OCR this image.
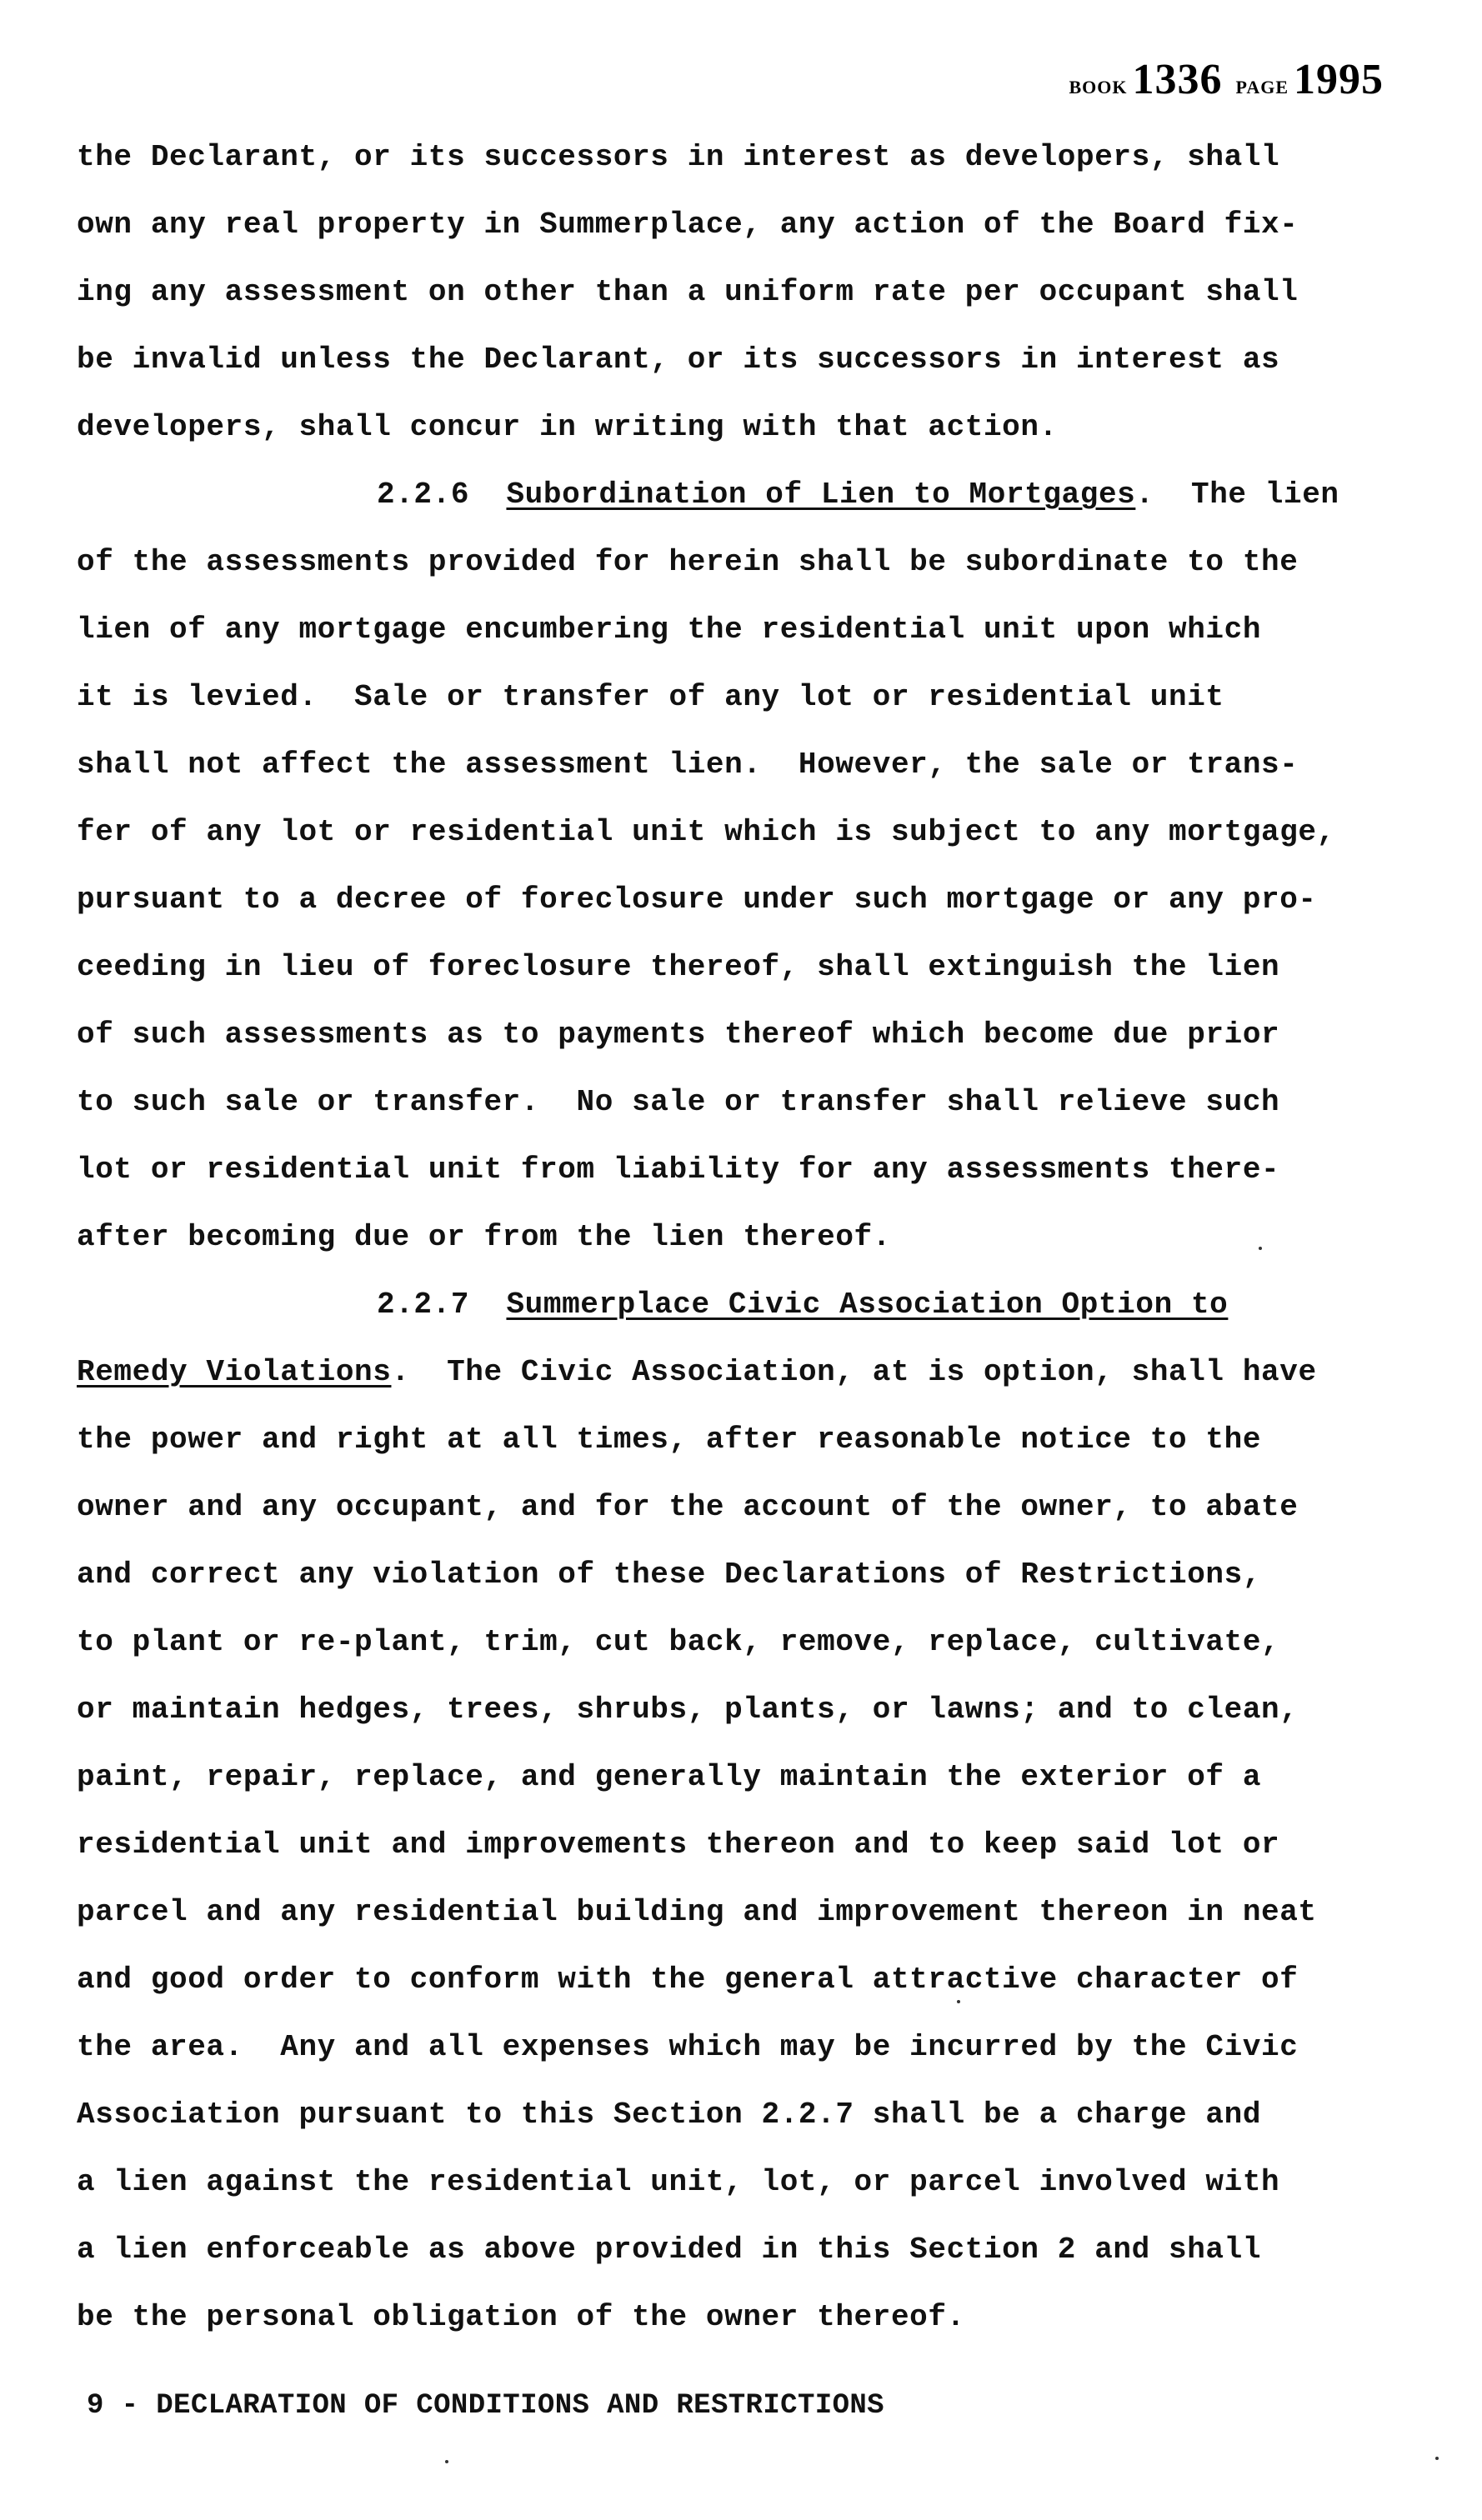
BOOK 1336 PAGE 1995
the Declarant, or its successors in interest as developers, shall
own any real property in Summerplace, any action of the Board fix-
ing any assessment on other than a uniform rate per occupant shall
be invalid unless the Declarant, or its successors in interest as
developers, shall concur in writing with that action.
2.2.6 Subordination of Lien to Mortgages.  The lien
of the assessments provided for herein shall be subordinate to the
lien of any mortgage encumbering the residential unit upon which
it is levied.  Sale or transfer of any lot or residential unit
shall not affect the assessment lien.  However, the sale or trans-
fer of any lot or residential unit which is subject to any mortgage,
pursuant to a decree of foreclosure under such mortgage or any pro-
ceeding in lieu of foreclosure thereof, shall extinguish the lien
of such assessments as to payments thereof which become due prior
to such sale or transfer.  No sale or transfer shall relieve such
lot or residential unit from liability for any assessments there-
after becoming due or from the lien thereof.
2.2.7 Summerplace Civic Association Option to
Remedy Violations.  The Civic Association, at is option, shall have
the power and right at all times, after reasonable notice to the
owner and any occupant, and for the account of the owner, to abate
and correct any violation of these Declarations of Restrictions,
to plant or re-plant, trim, cut back, remove, replace, cultivate,
or maintain hedges, trees, shrubs, plants, or lawns; and to clean,
paint, repair, replace, and generally maintain the exterior of a
residential unit and improvements thereon and to keep said lot or
parcel and any residential building and improvement thereon in neat
and good order to conform with the general attractive character of
the area.  Any and all expenses which may be incurred by the Civic
Association pursuant to this Section 2.2.7 shall be a charge and
a lien against the residential unit, lot, or parcel involved with
a lien enforceable as above provided in this Section 2 and shall
be the personal obligation of the owner thereof.
9 - DECLARATION OF CONDITIONS AND RESTRICTIONS
